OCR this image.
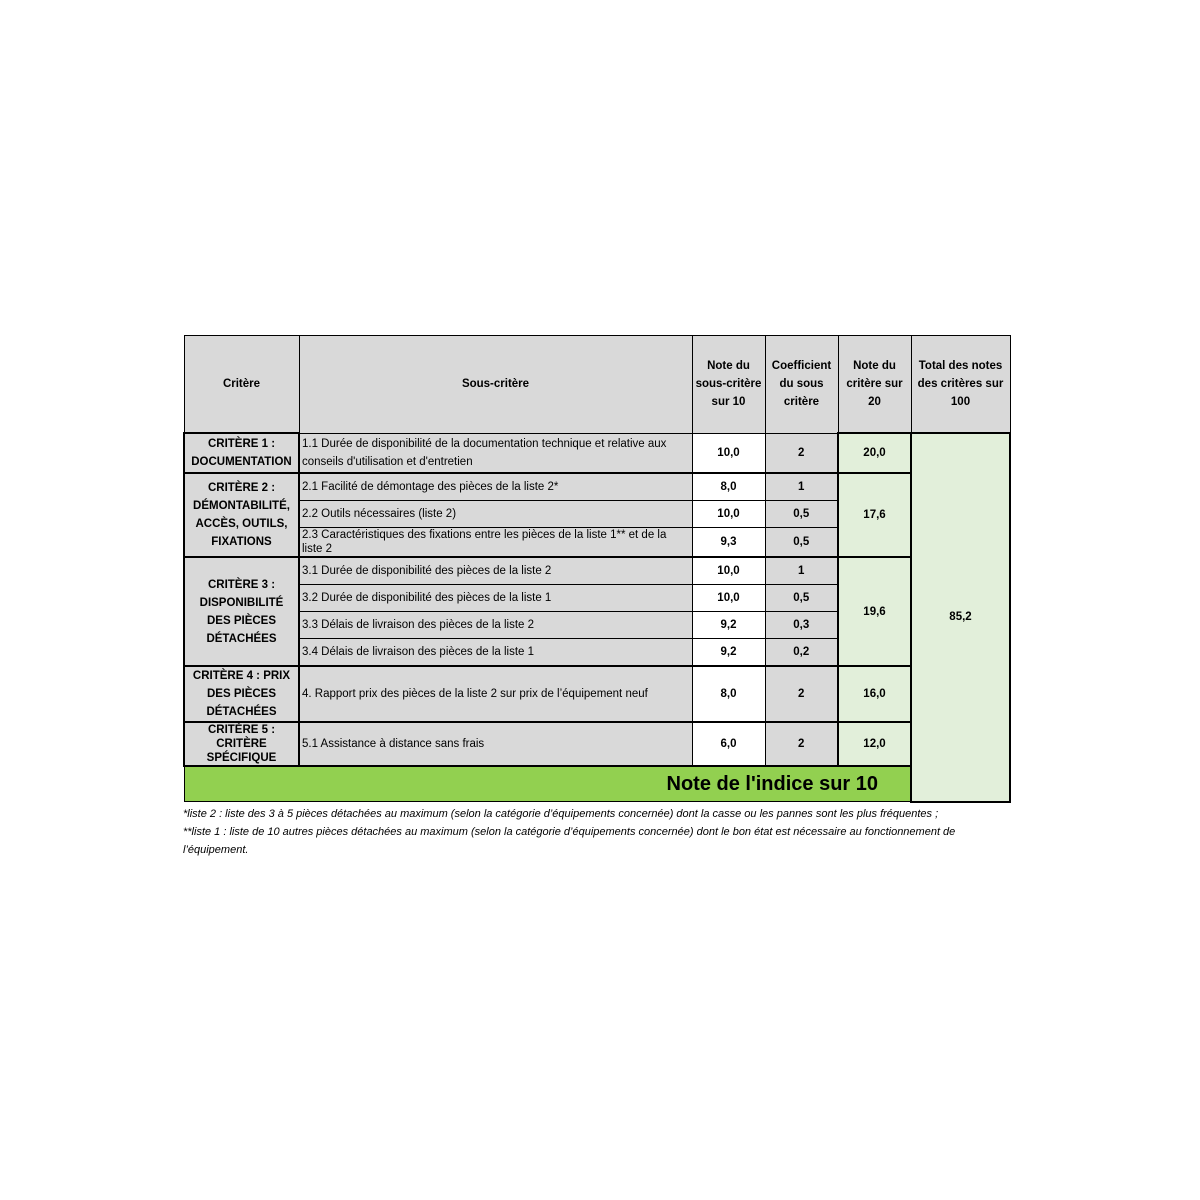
Critère	Sous-critère	Note du sous-critère sur 10	Coefficient du sous critère	Note du critère sur 20	Total des notes des critères sur 100	
CRITÈRE 1 : DOCUMENTATION	1.1 Durée de disponibilité de la documentation technique et relative aux conseils d'utilisation et d'entretien	10,0	2	20,0	85,2	
CRITÈRE 2 : DÉMONTABILITÉ, ACCÈS, OUTILS, FIXATIONS	2.1 Facilité de démontage des pièces de la liste 2*	8,0	1	17,6		
	2.2 Outils nécessaires (liste 2)	10,0	0,5			
	2.3 Caractéristiques des fixations entre les pièces de la liste 1** et de la liste 2	9,3	0,5			
CRITÈRE 3 : DISPONIBILITÉ DES PIÈCES DÉTACHÉES	3.1 Durée de disponibilité des pièces de la liste 2	10,0	1	19,6		
	3.2 Durée de disponibilité des pièces de la liste 1	10,0	0,5			
	3.3 Délais de livraison des pièces de la liste 2	9,2	0,3			
	3.4 Délais de livraison des pièces de la liste 1	9,2	0,2			
CRITÈRE 4 : PRIX DES PIÈCES DÉTACHÉES	4. Rapport prix des pièces de la liste 2 sur prix de l’équipement neuf	8,0	2	16,0		
CRITÈRE 5 : CRITÈRE SPÉCIFIQUE	5.1 Assistance à distance sans frais	6,0	2	12,0		
Note de l'indice sur 10	
*liste 2 : liste des 3 à 5 pièces détachées au maximum (selon la catégorie d’équipements concernée) dont la casse ou les pannes sont les plus fréquentes ;
**liste 1 : liste de 10 autres pièces détachées au maximum (selon la catégorie d’équipements concernée) dont le bon état est nécessaire au fonctionnement de l’équipement.
